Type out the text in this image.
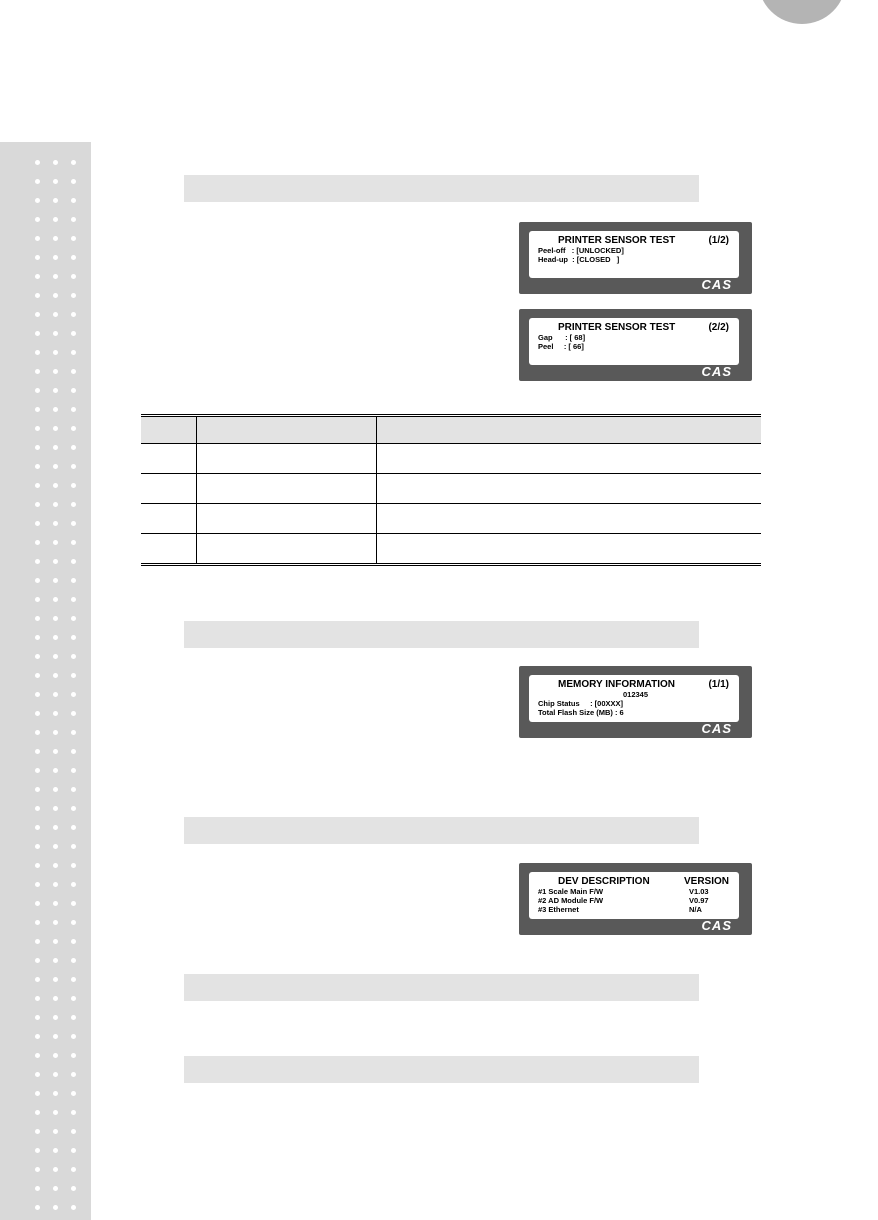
PRINTER SENSOR TEST	(1/2)
Peel-off   : [UNLOCKED]
Head-up  : [CLOSED   ]
CAS
PRINTER SENSOR TEST	(2/2)
Gap      : [ 68]
Peel     : [ 66]
CAS

MEMORY INFORMATION	(1/1)
012345
Chip Status     : [00XXX]
Total Flash Size (MB) : 6
CAS
DEV DESCRIPTION	VERSION
#1 Scale Main F/W	V1.03
#2 AD Module F/W	V0.97
#3 Ethernet	N/A
CAS
